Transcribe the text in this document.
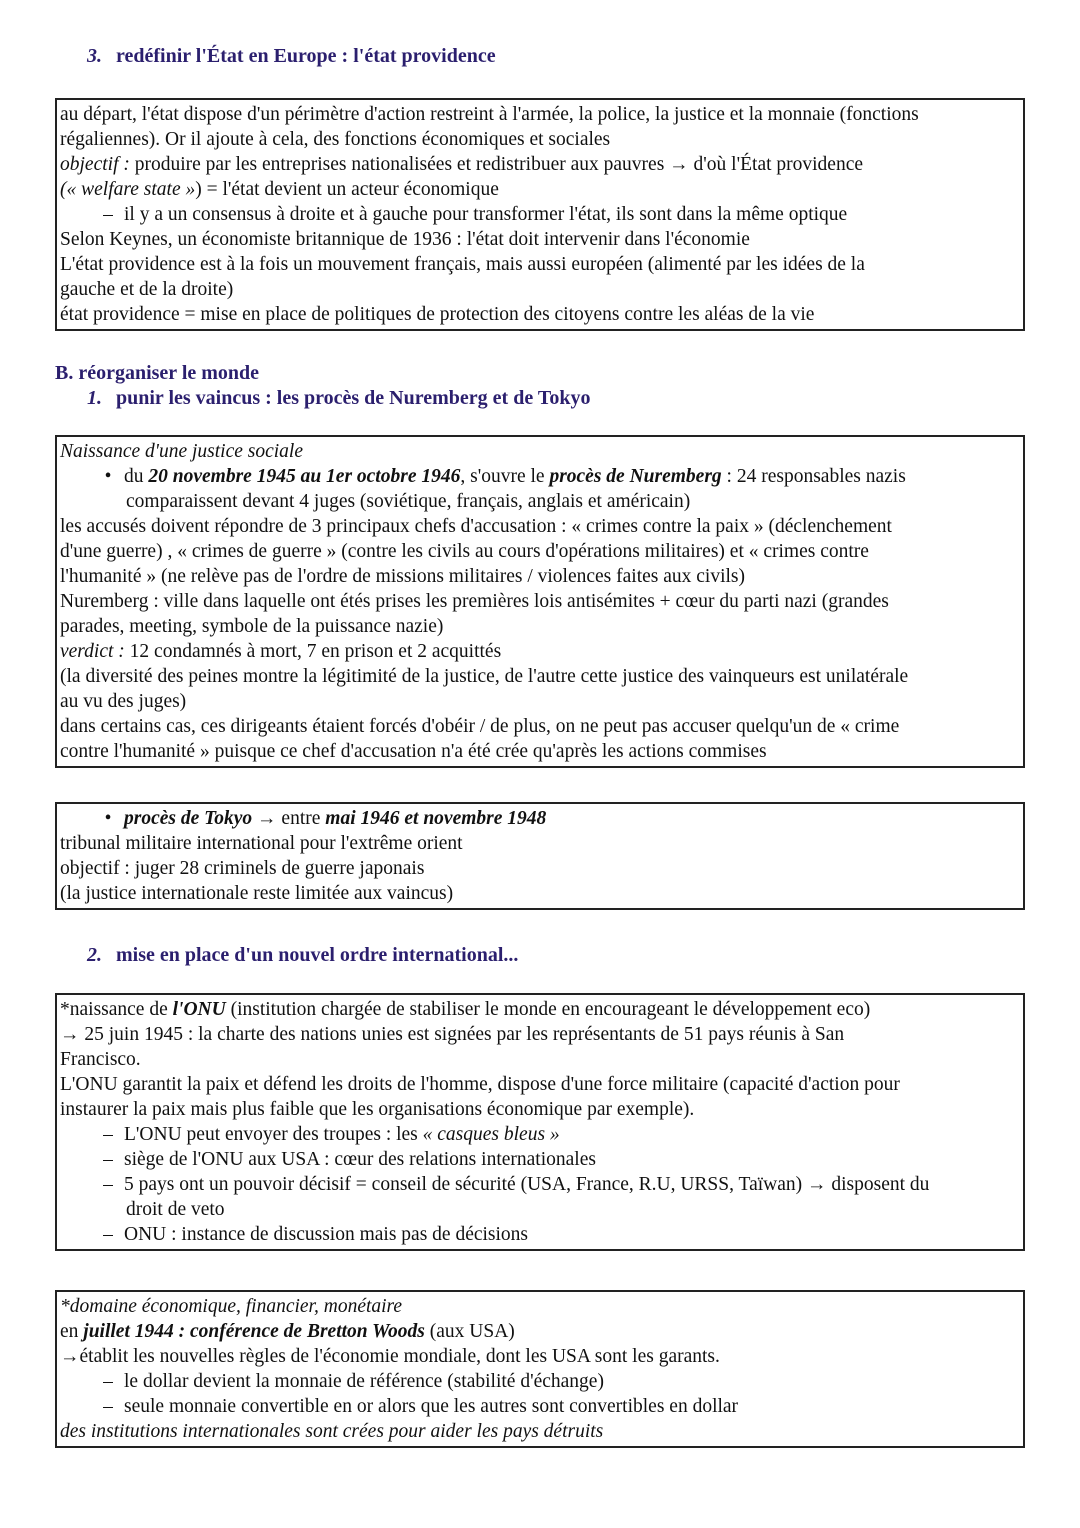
3. redéfinir l'État en Europe : l'état providence
au départ, l'état dispose d'un périmètre d'action restreint à l'armée, la police, la justice et la monnaie (fonctions
régaliennes). Or il ajoute à cela, des fonctions économiques et sociales
objectif : produire par les entreprises nationalisées et redistribuer aux pauvres → d'où l'État providence
(« welfare state ») = l'état devient un acteur économique
– il y a un consensus à droite et à gauche pour transformer l'état, ils sont dans la même optique
Selon Keynes, un économiste britannique de 1936 : l'état doit intervenir dans l'économie
L'état providence est à la fois un mouvement français, mais aussi européen (alimenté par les idées de la
gauche et de la droite)
état providence = mise en place de politiques de protection des citoyens contre les aléas de la vie
B. réorganiser le monde
1. punir les vaincus : les procès de Nuremberg et de Tokyo
Naissance d'une justice sociale
• du 20 novembre 1945 au 1er octobre 1946, s'ouvre le procès de Nuremberg : 24 responsables nazis
comparaissent devant 4 juges (soviétique, français, anglais et américain)
les accusés doivent répondre de 3 principaux chefs d'accusation : « crimes contre la paix » (déclenchement
d'une guerre) , « crimes de guerre » (contre les civils au cours d'opérations militaires) et « crimes contre
l'humanité » (ne relève pas de l'ordre de missions militaires / violences faites aux civils)
Nuremberg : ville dans laquelle ont étés prises les premières lois antisémites + cœur du parti nazi (grandes
parades, meeting, symbole de la puissance nazie)
verdict : 12 condamnés à mort, 7 en prison et 2 acquittés
(la diversité des peines montre la légitimité de la justice, de l'autre cette justice des vainqueurs est unilatérale
au vu des juges)
dans certains cas, ces dirigeants étaient forcés d'obéir / de plus, on ne peut pas accuser quelqu'un de « crime
contre l'humanité » puisque ce chef d'accusation n'a été crée qu'après les actions commises
• procès de Tokyo → entre mai 1946 et novembre 1948
tribunal militaire international pour l'extrême orient
objectif : juger 28 criminels de guerre japonais
(la justice internationale reste limitée aux vaincus)
2. mise en place d'un nouvel ordre international...
*naissance de l'ONU (institution chargée de stabiliser le monde en encourageant le développement eco)
→ 25 juin 1945 : la charte des nations unies est signées par les représentants de 51 pays réunis à San
Francisco.
L'ONU garantit la paix et défend les droits de l'homme, dispose d'une force militaire (capacité d'action pour
instaurer la paix mais plus faible que les organisations économique par exemple).
– L'ONU peut envoyer des troupes : les « casques bleus »
– siège de l'ONU aux USA : cœur des relations internationales
– 5 pays ont un pouvoir décisif = conseil de sécurité (USA, France, R.U, URSS, Taïwan) → disposent du
droit de veto
– ONU : instance de discussion mais pas de décisions
*domaine économique, financier, monétaire
en juillet 1944 : conférence de Bretton Woods (aux USA)
→établit les nouvelles règles de l'économie mondiale, dont les USA sont les garants.
– le dollar devient la monnaie de référence (stabilité d'échange)
– seule monnaie convertible en or alors que les autres sont convertibles en dollar
des institutions internationales sont crées pour aider les pays détruits
